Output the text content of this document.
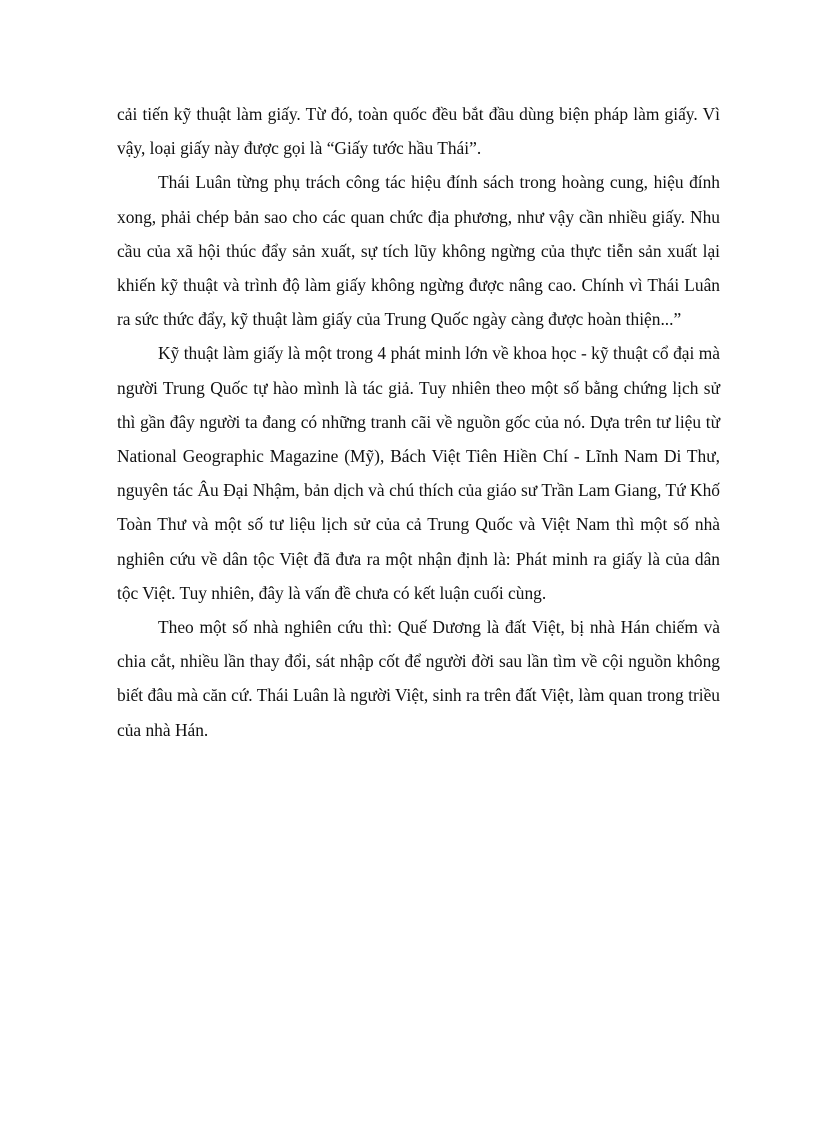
cải tiến kỹ thuật làm giấy. Từ đó, toàn quốc đều bắt đầu dùng biện pháp làm giấy. Vì vậy, loại giấy này được gọi là “Giấy tước hầu Thái”.

Thái Luân từng phụ trách công tác hiệu đính sách trong hoàng cung, hiệu đính xong, phải chép bản sao cho các quan chức địa phương, như vậy cần nhiều giấy. Nhu cầu của xã hội thúc đẩy sản xuất, sự tích lũy không ngừng của thực tiễn sản xuất lại khiến kỹ thuật và trình độ làm giấy không ngừng được nâng cao. Chính vì Thái Luân ra sức thức đẩy, kỹ thuật làm giấy của Trung Quốc ngày càng được hoàn thiện...”

Kỹ thuật làm giấy là một trong 4 phát minh lớn về khoa học - kỹ thuật cổ đại mà người Trung Quốc tự hào mình là tác giả. Tuy nhiên theo một số bằng chứng lịch sử thì gần đây người ta đang có những tranh cãi về nguồn gốc của nó. Dựa trên tư liệu từ National Geographic Magazine (Mỹ), Bách Việt Tiên Hiền Chí - Lĩnh Nam Di Thư, nguyên tác Âu Đại Nhậm, bản dịch và chú thích của giáo sư Trần Lam Giang, Tứ Khố Toàn Thư và một số tư liệu lịch sử của cả Trung Quốc và Việt Nam thì một số nhà nghiên cứu về dân tộc Việt đã đưa ra một nhận định là: Phát minh ra giấy là của dân tộc Việt. Tuy nhiên, đây là vấn đề chưa có kết luận cuối cùng.

Theo một số nhà nghiên cứu thì: Quế Dương là đất Việt, bị nhà Hán chiếm và chia cắt, nhiều lần thay đổi, sát nhập cốt để người đời sau lần tìm về cội nguồn không biết đâu mà căn cứ. Thái Luân là người Việt, sinh ra trên đất Việt, làm quan trong triều của nhà Hán.
